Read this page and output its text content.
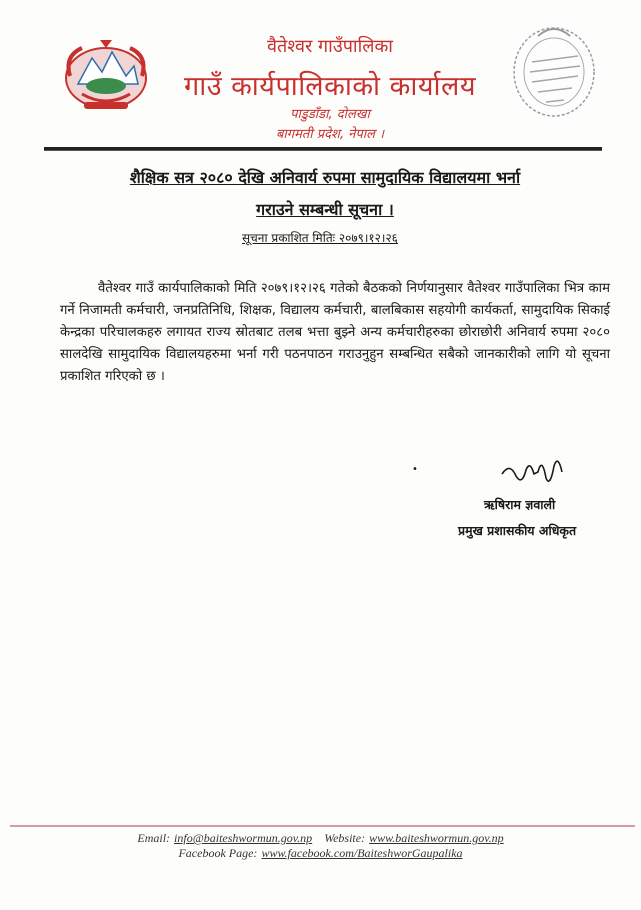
वैतेश्वर गाउँपालिका
गाउँ कार्यपालिकाको कार्यालय
पाडुडाँडा, दोलखा
बागमती प्रदेश, नेपाल ।
शैक्षिक सत्र २०८० देखि अनिवार्य रुपमा सामुदायिक विद्यालयमा भर्ना
गराउने सम्बन्धी सूचना ।
सूचना प्रकाशित मितिः २०७९।१२।२६

वैतेश्वर गाउँ कार्यपालिकाको मिति २०७९।१२।२६ गतेको बैठकको निर्णयानुसार वैतेश्वर गाउँपालिका भित्र काम गर्ने निजामती कर्मचारी, जनप्रतिनिधि, शिक्षक, विद्यालय कर्मचारी, बालबिकास सहयोगी कार्यकर्ता, सामुदायिक सिकाई केन्द्रका परिचालकहरु लगायत राज्य स्रोतबाट तलब भत्ता बुझ्ने अन्य कर्मचारीहरुका छोराछोरी अनिवार्य रुपमा २०८० सालदेखि सामुदायिक विद्यालयहरुमा भर्ना गरी पठनपाठन गराउनुहुन सम्बन्धित सबैको जानकारीको लागि यो सूचना प्रकाशित गरिएको छ ।

•
ऋषिराम ज्ञवाली
प्रमुख प्रशासकीय अधिकृत
Email: info@baiteshwormun.gov.np Website: www.baiteshwormun.gov.np
Facebook Page: www.facebook.com/BaiteshworGaupalika
